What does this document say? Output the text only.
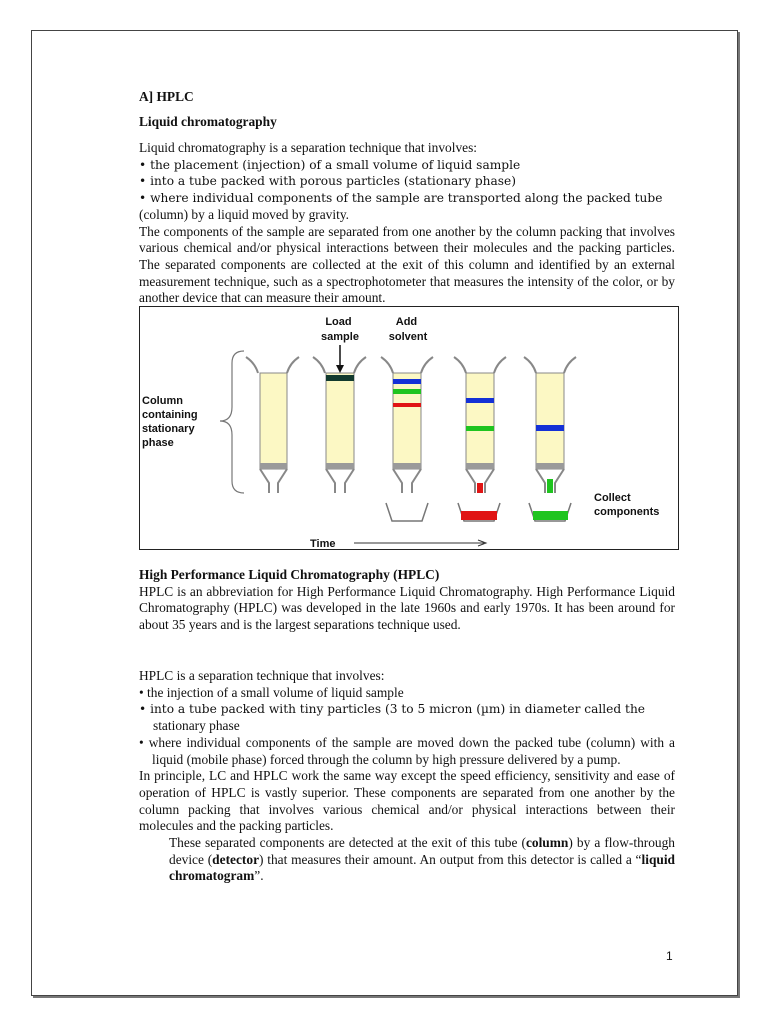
A] HPLC

Liquid chromatography

Liquid chromatography is a separation technique that involves:

• the placement (injection) of a small volume of liquid sample

• into a tube packed with porous particles (stationary phase)

• where individual components of the sample are transported along the packed tube

(column) by a liquid moved by gravity.

The components of the sample are separated from one another by the column packing that involves various chemical and/or physical interactions between their molecules and the packing particles. The separated components are collected at the exit of this column and identified by an external measurement technique, such as a spectrophotometer that measures the intensity of the color, or by another device that can measure their amount.

Column containing stationary phase
Load sample
Add solvent
Collect components
Time

High Performance Liquid Chromatography (HPLC)

HPLC is an abbreviation for High Performance Liquid Chromatography. High Performance Liquid Chromatography (HPLC) was developed in the late 1960s and early 1970s. It has been around for about 35 years and is the largest separations technique used.

HPLC is a separation technique that involves:

• the injection of a small volume of liquid sample

• into a tube packed with tiny particles (3 to 5 micron (µm) in diameter called the

stationary phase

• where individual components of the sample are moved down the packed tube (column) with a liquid (mobile phase) forced through the column by high pressure delivered by a pump.

In principle, LC and HPLC work the same way except the speed efficiency, sensitivity and ease of operation of HPLC is vastly superior. These components are separated from one another by the column packing that involves various chemical and/or physical interactions between their molecules and the packing particles.

These separated components are detected at the exit of this tube (column) by a flow-through device (detector) that measures their amount. An output from this detector is called a “liquid chromatogram”.

1
